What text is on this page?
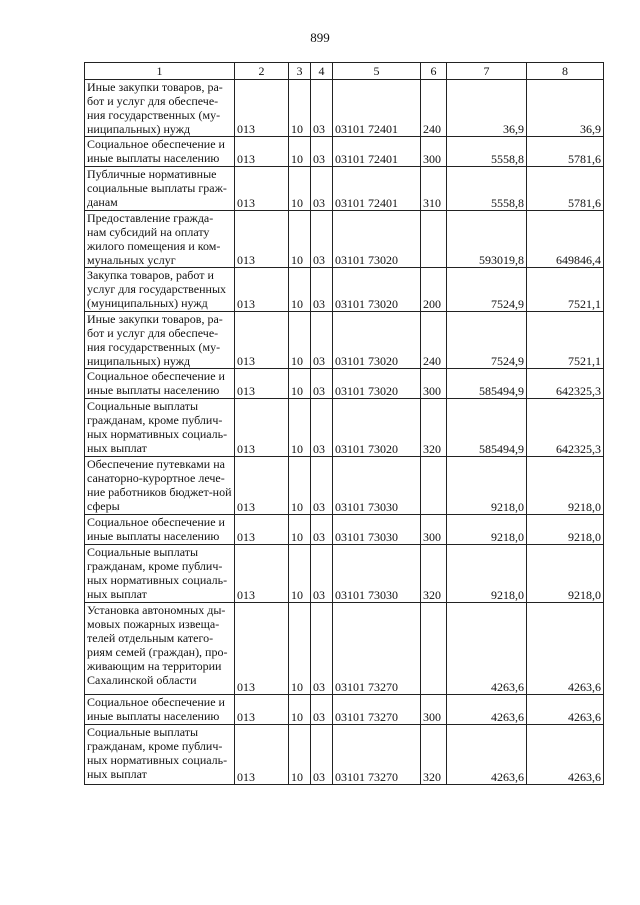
899
1	2	3	4	5	6	7	8
Иные закупки товаров, ра-бот и услуг для обеспече-ния государственных (му-ниципальных) нужд	013	10	03	03101 72401	240	36,9	36,9
Социальное обеспечение и иные выплаты населению	013	10	03	03101 72401	300	5558,8	5781,6
Публичные нормативные социальные выплаты граж-данам	013	10	03	03101 72401	310	5558,8	5781,6
Предоставление гражда-нам субсидий на оплату жилого помещения и ком-мунальных услуг	013	10	03	03101 73020		593019,8	649846,4
Закупка товаров, работ и услуг для государственных (муниципальных) нужд	013	10	03	03101 73020	200	7524,9	7521,1
Иные закупки товаров, ра-бот и услуг для обеспече-ния государственных (му-ниципальных) нужд	013	10	03	03101 73020	240	7524,9	7521,1
Социальное обеспечение и иные выплаты населению	013	10	03	03101 73020	300	585494,9	642325,3
Социальные выплаты гражданам, кроме публич-ных нормативных социаль-ных выплат	013	10	03	03101 73020	320	585494,9	642325,3
Обеспечение путевками на санаторно-курортное лече-ние работников бюджет-ной сферы	013	10	03	03101 73030		9218,0	9218,0
Социальное обеспечение и иные выплаты населению	013	10	03	03101 73030	300	9218,0	9218,0
Социальные выплаты гражданам, кроме публич-ных нормативных социаль-ных выплат	013	10	03	03101 73030	320	9218,0	9218,0
Установка автономных ды-мовых пожарных извеща-телей отдельным катего-риям семей (граждан), про-живающим на территории Сахалинской области	013	10	03	03101 73270		4263,6	4263,6
Социальное обеспечение и иные выплаты населению	013	10	03	03101 73270	300	4263,6	4263,6
Социальные выплаты гражданам, кроме публич-ных нормативных социаль-ных выплат	013	10	03	03101 73270	320	4263,6	4263,6
